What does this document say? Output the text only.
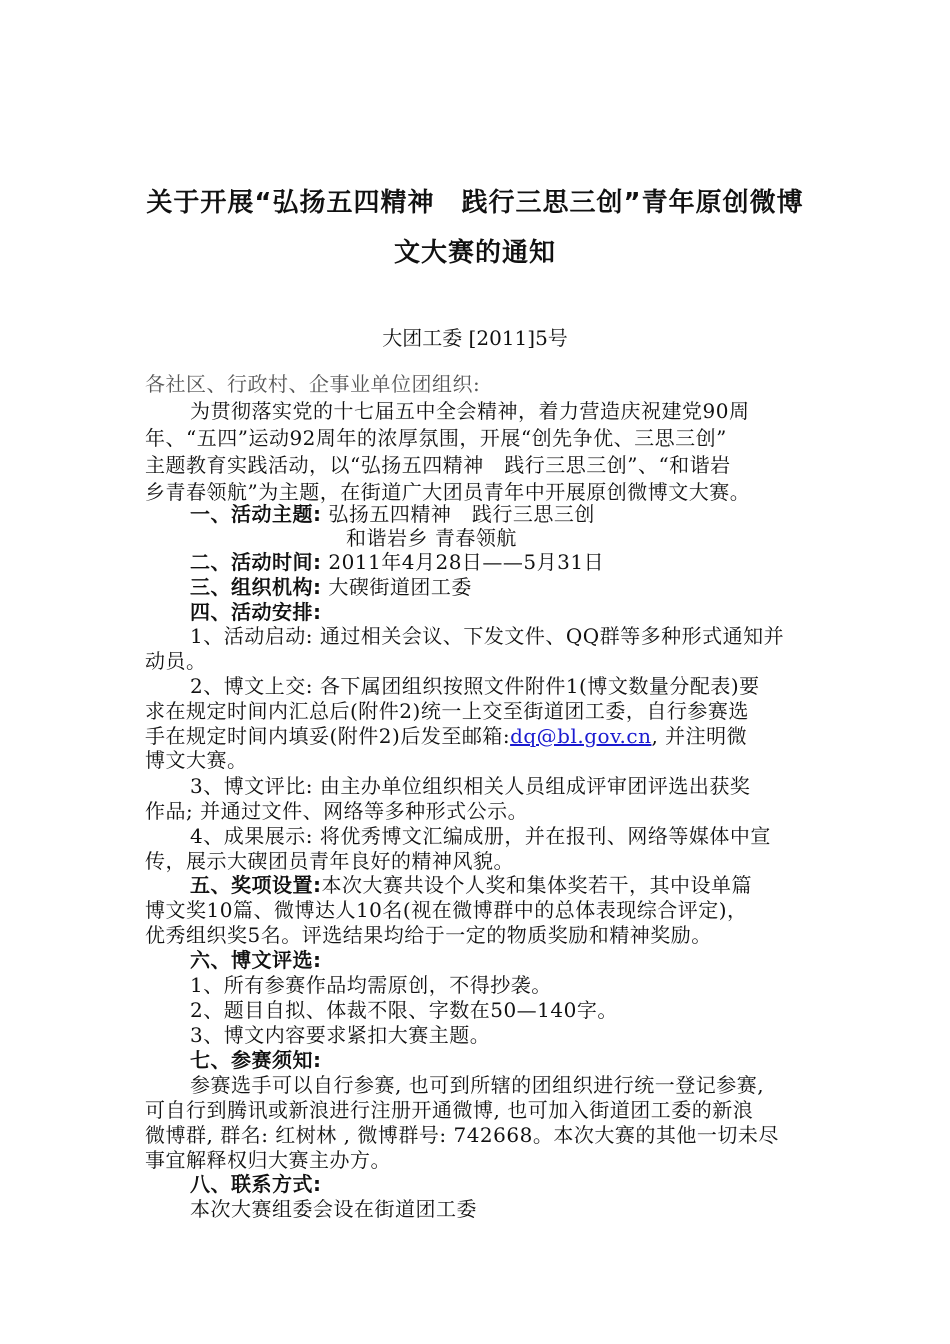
关于开展“弘扬五四精神　践行三思三创”青年原创微博
文大赛的通知
大团工委 [2011]5号
各社区、行政村、企事业单位团组织:
为贯彻落实党的十七届五中全会精神，着力营造庆祝建党90周
年、“五四”运动92周年的浓厚氛围，开展“创先争优、三思三创”
主题教育实践活动，以“弘扬五四精神　践行三思三创”、“和谐岩
乡青春领航”为主题，在街道广大团员青年中开展原创微博文大赛。
一、活动主题: 弘扬五四精神　践行三思三创
和谐岩乡 青春领航
二、活动时间: 2011年4月28日——5月31日
三、组织机构: 大碶街道团工委
四、活动安排:
1、活动启动: 通过相关会议、下发文件、QQ群等多种形式通知并
动员。
2、博文上交: 各下属团组织按照文件附件1(博文数量分配表)要
求在规定时间内汇总后(附件2)统一上交至街道团工委，自行参赛选
手在规定时间内填妥(附件2)后发至邮箱:dq@bl.gov.cn, 并注明微
博文大赛。
3、博文评比: 由主办单位组织相关人员组成评审团评选出获奖
作品; 并通过文件、网络等多种形式公示。
4、成果展示: 将优秀博文汇编成册，并在报刊、网络等媒体中宣
传，展示大碶团员青年良好的精神风貌。
五、奖项设置:本次大赛共设个人奖和集体奖若干，其中设单篇
博文奖10篇、微博达人10名(视在微博群中的总体表现综合评定)，
优秀组织奖5名。评选结果均给于一定的物质奖励和精神奖励。
六、博文评选:
1、所有参赛作品均需原创，不得抄袭。
2、题目自拟、体裁不限、字数在50—140字。
3、博文内容要求紧扣大赛主题。
七、参赛须知:
参赛选手可以自行参赛, 也可到所辖的团组织进行统一登记参赛,
可自行到腾讯或新浪进行注册开通微博, 也可加入街道团工委的新浪
微博群, 群名: 红树林 , 微博群号: 742668。本次大赛的其他一切未尽
事宜解释权归大赛主办方。
八、联系方式:
本次大赛组委会设在街道团工委
